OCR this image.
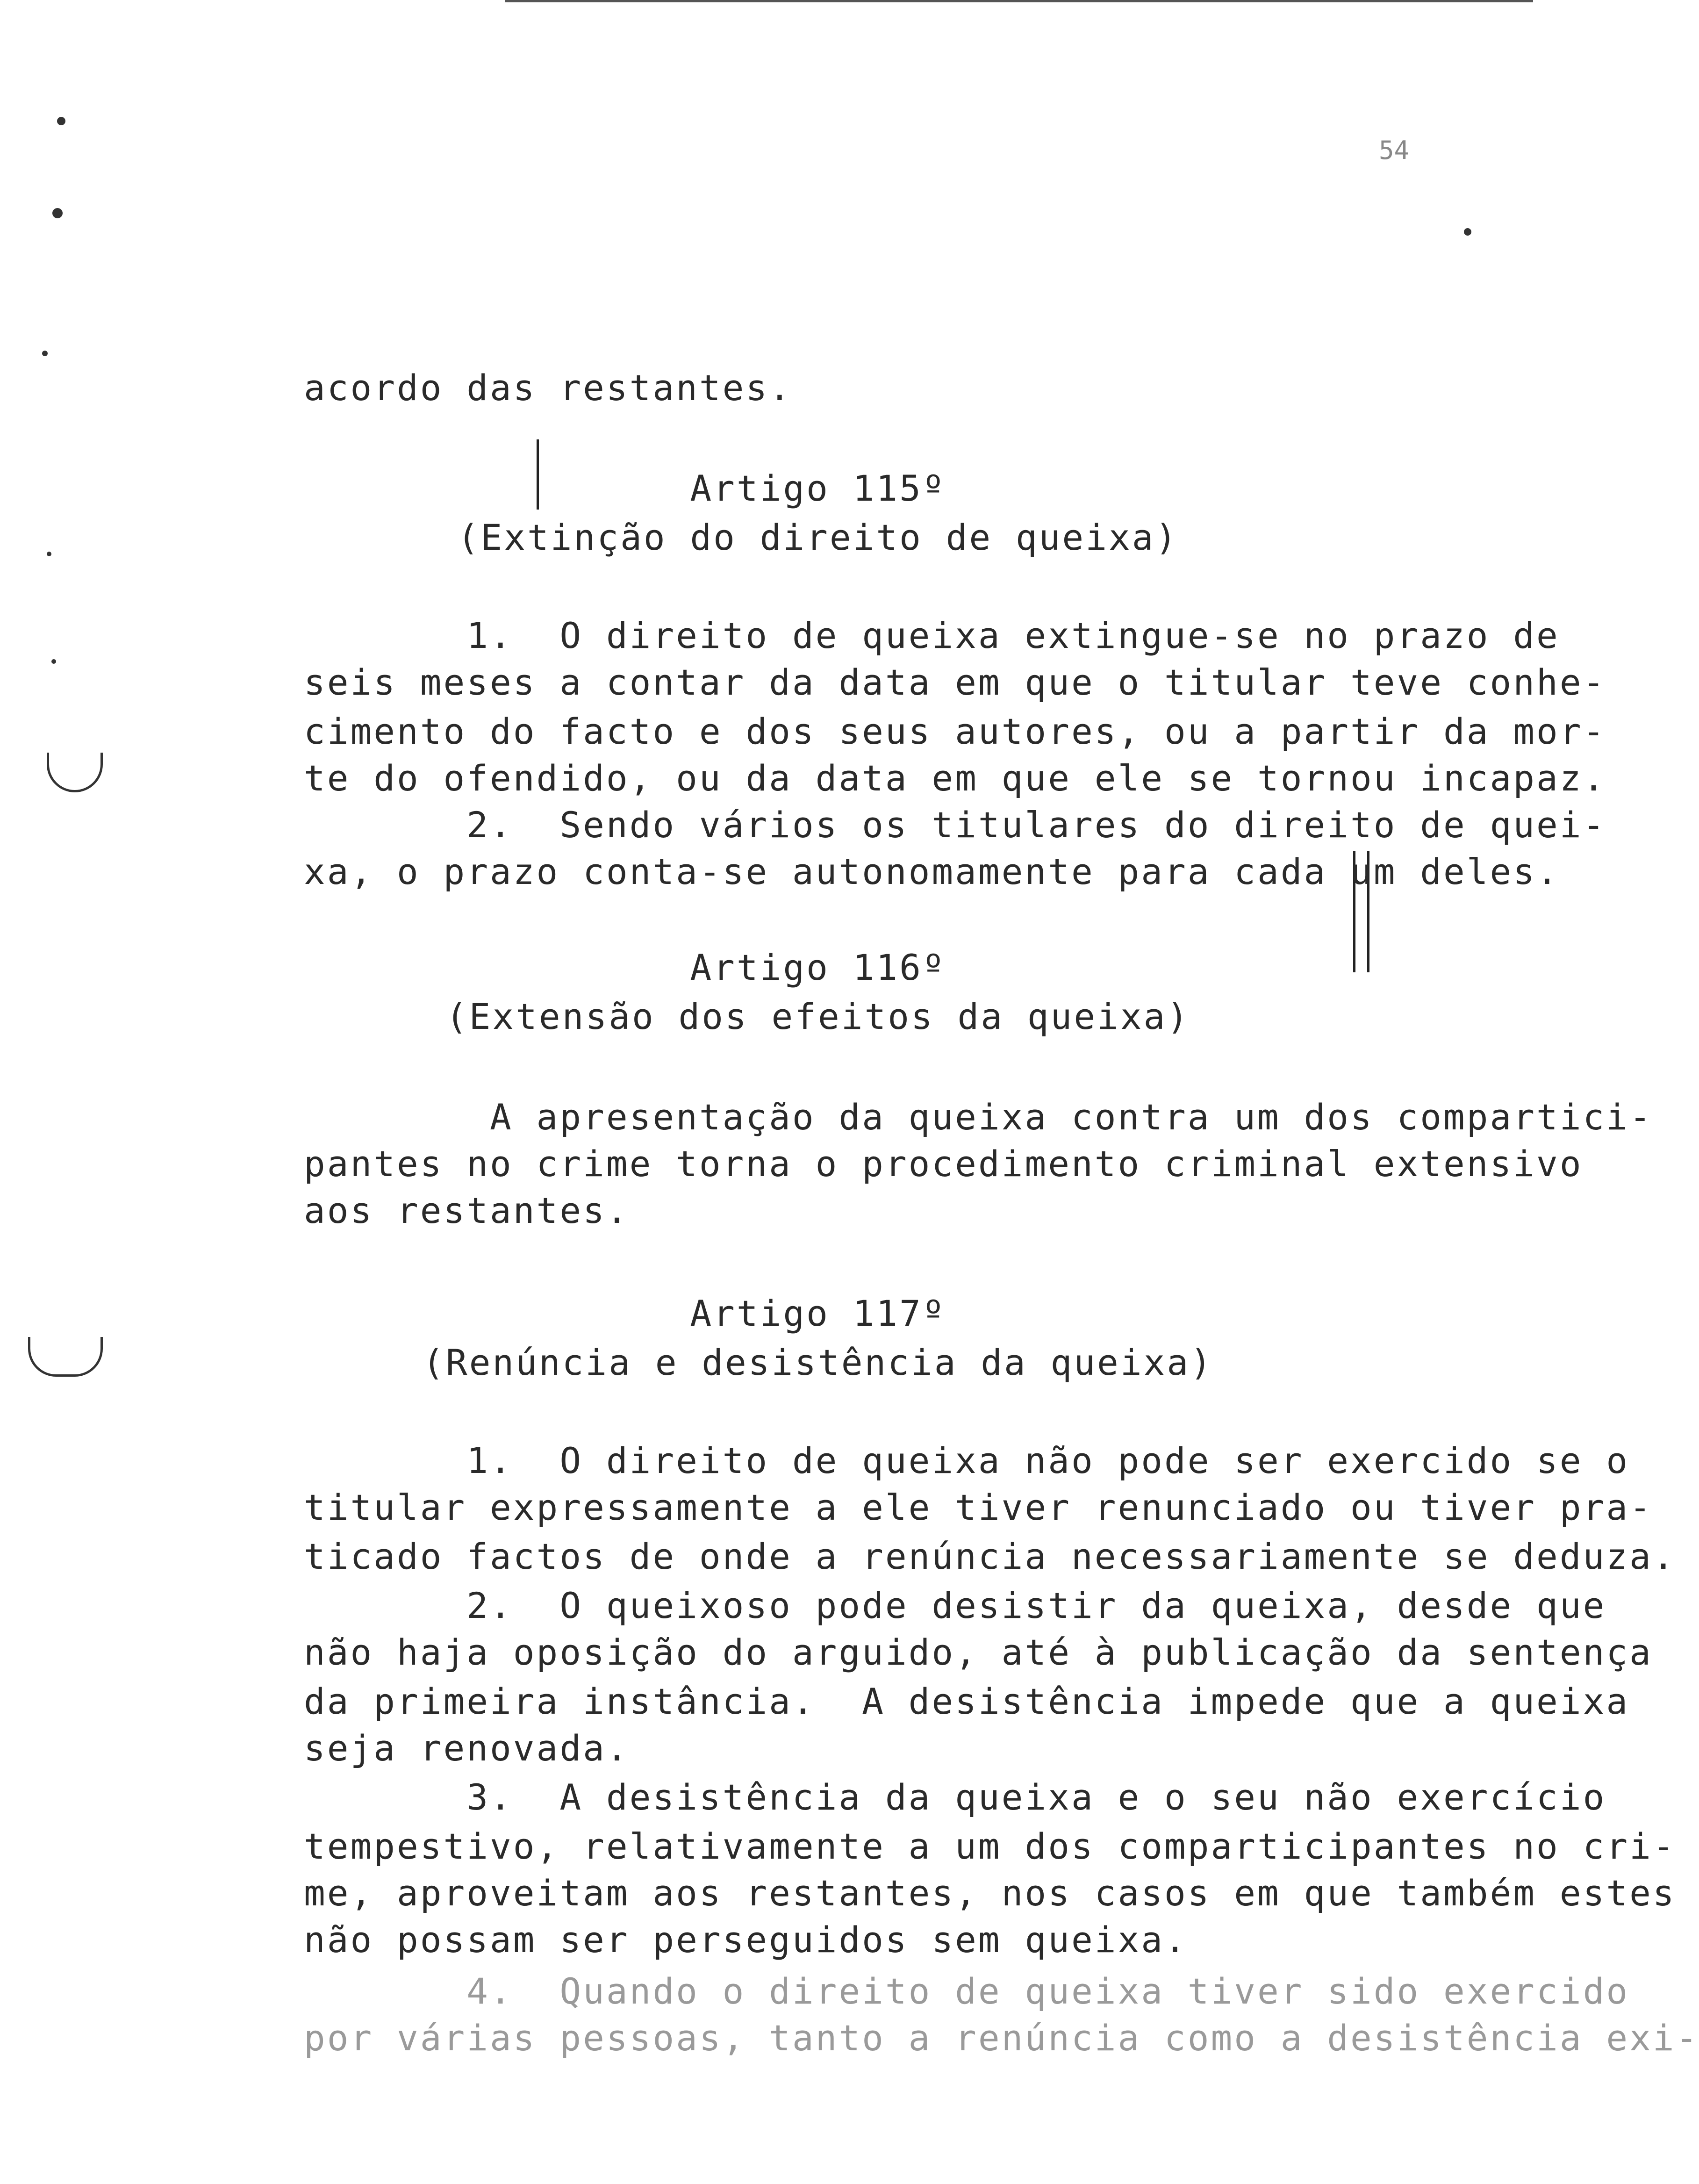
54
acordo das restantes.
Artigo 115º
(Extinção do direito de queixa)
1.  O direito de queixa extingue-se no prazo de
seis meses a contar da data em que o titular teve conhe-
cimento do facto e dos seus autores, ou a partir da mor-
te do ofendido, ou da data em que ele se tornou incapaz.
2.  Sendo vários os titulares do direito de quei-
xa, o prazo conta-se autonomamente para cada um deles.
Artigo 116º
(Extensão dos efeitos da queixa)
A apresentação da queixa contra um dos compartici-
pantes no crime torna o procedimento criminal extensivo
aos restantes.
Artigo 117º
(Renúncia e desistência da queixa)
1.  O direito de queixa não pode ser exercido se o
titular expressamente a ele tiver renunciado ou tiver pra-
ticado factos de onde a renúncia necessariamente se deduza.
2.  O queixoso pode desistir da queixa, desde que
não haja oposição do arguido, até à publicação da sentença
da primeira instância.  A desistência impede que a queixa
seja renovada.
3.  A desistência da queixa e o seu não exercício
tempestivo, relativamente a um dos comparticipantes no cri-
me, aproveitam aos restantes, nos casos em que também estes
não possam ser perseguidos sem queixa.
4.  Quando o direito de queixa tiver sido exercido
por várias pessoas, tanto a renúncia como a desistência exi-
